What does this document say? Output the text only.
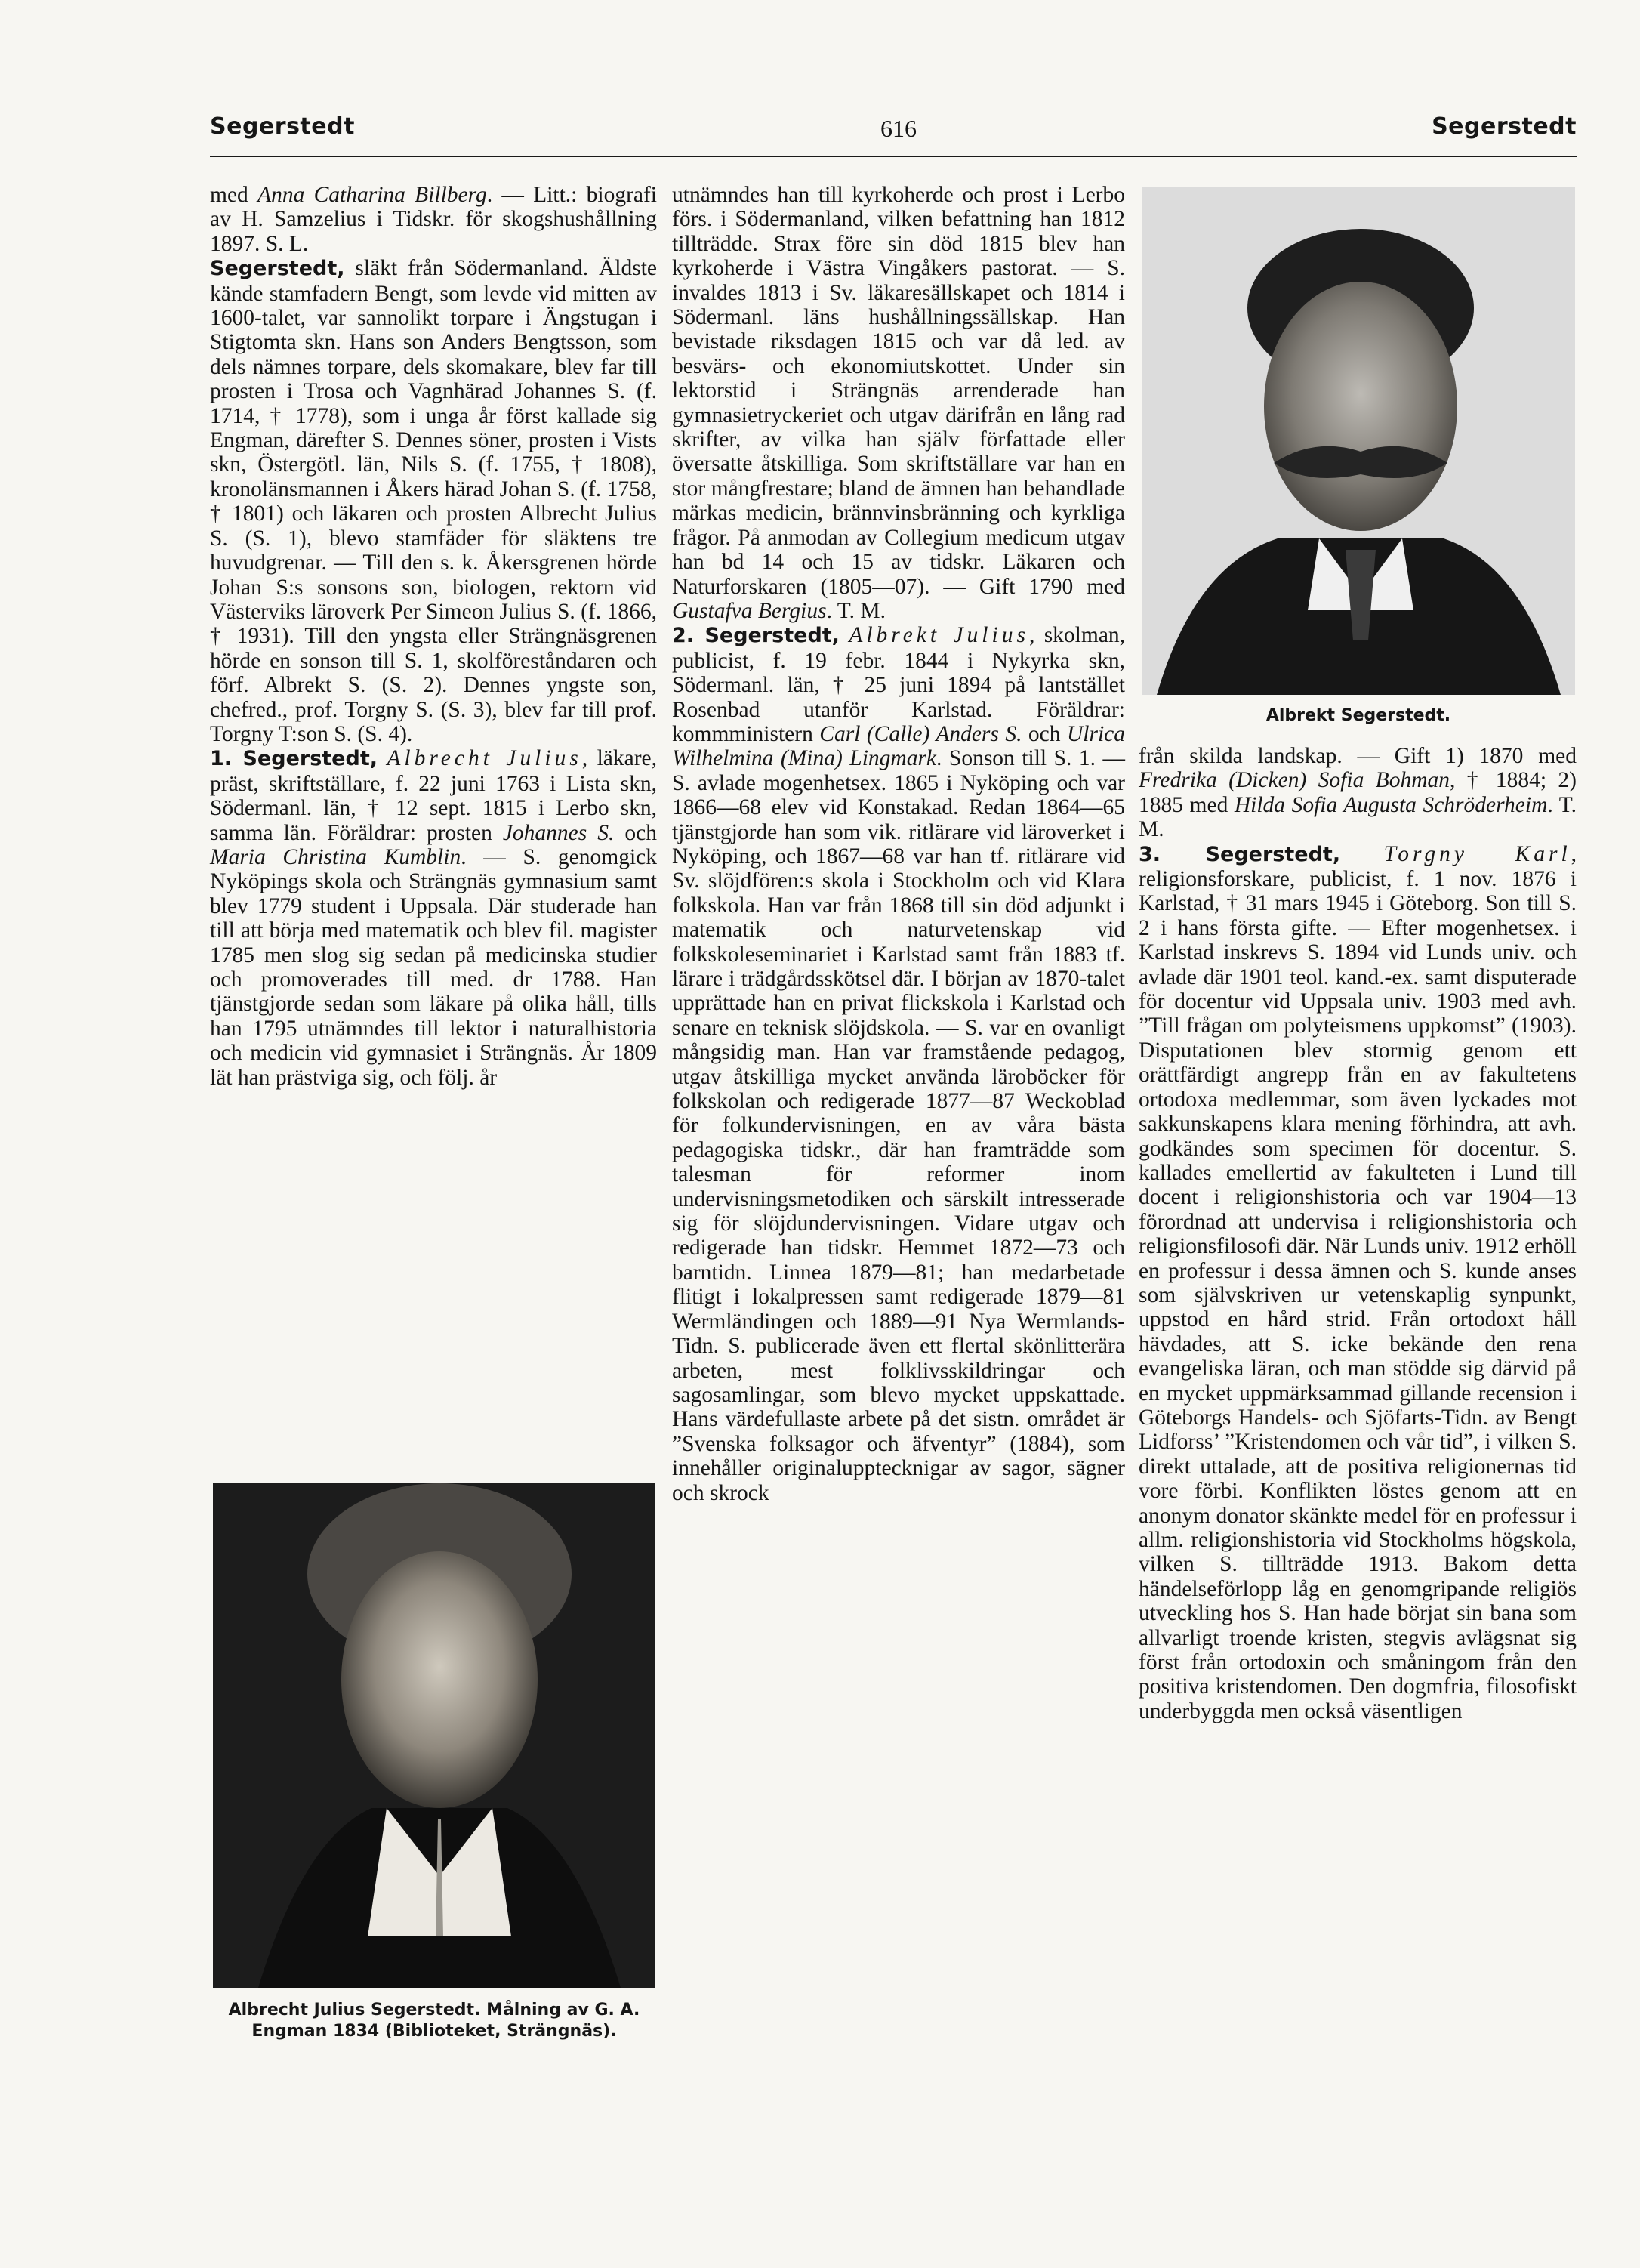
Segerstedt	616	Segerstedt

med Anna Catharina Billberg. — Litt.: biografi av H. Samzelius i Tidskr. för skogshushållning 1897. S. L.

Segerstedt, släkt från Södermanland. Äldste kände stamfadern Bengt, som levde vid mitten av 1600-talet, var sannolikt torpare i Ängstugan i Stigtomta skn. Hans son Anders Bengtsson, som dels nämnes torpare, dels skomakare, blev far till prosten i Trosa och Vagnhärad Johannes S. (f. 1714, † 1778), som i unga år först kallade sig Engman, därefter S. Dennes söner, prosten i Vists skn, Östergötl. län, Nils S. (f. 1755, † 1808), kronolänsmannen i Åkers härad Johan S. (f. 1758, † 1801) och läkaren och prosten Albrecht Julius S. (S. 1), blevo stamfäder för släktens tre huvudgrenar. — Till den s. k. Åkersgrenen hörde Johan S:s sonsons son, biologen, rektorn vid Västerviks läroverk Per Simeon Julius S. (f. 1866, † 1931). Till den yngsta eller Strängnäsgrenen hörde en sonson till S. 1, skolföreståndaren och förf. Albrekt S. (S. 2). Dennes yngste son, chefred., prof. Torgny S. (S. 3), blev far till prof. Torgny T:son S. (S. 4).

1. Segerstedt, Albrecht Julius, läkare, präst, skriftställare, f. 22 juni 1763 i Lista skn, Södermanl. län, † 12 sept. 1815 i Lerbo skn, samma län. Föräldrar: prosten Johannes S. och Maria Christina Kumblin. — S. genomgick Nyköpings skola och Strängnäs gymnasium samt blev 1779 student i Uppsala. Där studerade han till att börja med matematik och blev fil. magister 1785 men slog sig sedan på medicinska studier och promoverades till med. dr 1788. Han tjänstgjorde sedan som läkare på olika håll, tills han 1795 utnämndes till lektor i naturalhistoria och medicin vid gymnasiet i Strängnäs. År 1809 lät han prästviga sig, och följ. år

Albrecht Julius Segerstedt. Målning av G. A. Engman 1834 (Biblioteket, Strängnäs).

utnämndes han till kyrkoherde och prost i Lerbo förs. i Södermanland, vilken befattning han 1812 tillträdde. Strax före sin död 1815 blev han kyrkoherde i Västra Vingåkers pastorat. — S. invaldes 1813 i Sv. läkaresällskapet och 1814 i Södermanl. läns hushållningssällskap. Han bevistade riksdagen 1815 och var då led. av besvärs- och ekonomiutskottet. Under sin lektorstid i Strängnäs arrenderade han gymnasietryckeriet och utgav därifrån en lång rad skrifter, av vilka han själv författade eller översatte åtskilliga. Som skriftställare var han en stor mångfrestare; bland de ämnen han behandlade märkas medicin, brännvinsbränning och kyrkliga frågor. På anmodan av Collegium medicum utgav han bd 14 och 15 av tidskr. Läkaren och Naturforskaren (1805—07). — Gift 1790 med Gustafva Bergius. T. M.

2. Segerstedt, Albrekt Julius, skolman, publicist, f. 19 febr. 1844 i Nykyrka skn, Södermanl. län, † 25 juni 1894 på lantstället Rosenbad utanför Karlstad. Föräldrar: kommministern Carl (Calle) Anders S. och Ulrica Wilhelmina (Mina) Lingmark. Sonson till S. 1. — S. avlade mogenhetsex. 1865 i Nyköping och var 1866—68 elev vid Konstakad. Redan 1864—65 tjänstgjorde han som vik. ritlärare vid läroverket i Nyköping, och 1867—68 var han tf. ritlärare vid Sv. slöjdfören:s skola i Stockholm och vid Klara folkskola. Han var från 1868 till sin död adjunkt i matematik och naturvetenskap vid folkskoleseminariet i Karlstad samt från 1883 tf. lärare i trädgårdsskötsel där. I början av 1870-talet upprättade han en privat flickskola i Karlstad och senare en teknisk slöjdskola. — S. var en ovanligt mångsidig man. Han var framstående pedagog, utgav åtskilliga mycket använda läroböcker för folkskolan och redigerade 1877—87 Weckoblad för folkundervisningen, en av våra bästa pedagogiska tidskr., där han framträdde som talesman för reformer inom undervisningsmetodiken och särskilt intresserade sig för slöjdundervisningen. Vidare utgav och redigerade han tidskr. Hemmet 1872—73 och barntidn. Linnea 1879—81; han medarbetade flitigt i lokalpressen samt redigerade 1879—81 Wermländingen och 1889—91 Nya Wermlands-Tidn. S. publicerade även ett flertal skönlitterära arbeten, mest folklivsskildringar och sagosamlingar, som blevo mycket uppskattade. Hans värdefullaste arbete på det sistn. området är ”Svenska folksagor och äfventyr” (1884), som innehåller originalupptecknigar av sagor, sägner och skrock

Albrekt Segerstedt.

från skilda landskap. — Gift 1) 1870 med Fredrika (Dicken) Sofia Bohman, † 1884; 2) 1885 med Hilda Sofia Augusta Schröderheim. T. M.

3. Segerstedt, Torgny Karl, religionsforskare, publicist, f. 1 nov. 1876 i Karlstad, † 31 mars 1945 i Göteborg. Son till S. 2 i hans första gifte. — Efter mogenhetsex. i Karlstad inskrevs S. 1894 vid Lunds univ. och avlade där 1901 teol. kand.-ex. samt disputerade för docentur vid Uppsala univ. 1903 med avh. ”Till frågan om polyteismens uppkomst” (1903). Disputationen blev stormig genom ett orättfärdigt angrepp från en av fakultetens ortodoxa medlemmar, som även lyckades mot sakkunskapens klara mening förhindra, att avh. godkändes som specimen för docentur. S. kallades emellertid av fakulteten i Lund till docent i religionshistoria och var 1904—13 förordnad att undervisa i religionshistoria och religionsfilosofi där. När Lunds univ. 1912 erhöll en professur i dessa ämnen och S. kunde anses som självskriven ur vetenskaplig synpunkt, uppstod en hård strid. Från ortodoxt håll hävdades, att S. icke bekände den rena evangeliska läran, och man stödde sig därvid på en mycket uppmärksammad gillande recension i Göteborgs Handels- och Sjöfarts-Tidn. av Bengt Lidforss’ ”Kristendomen och vår tid”, i vilken S. direkt uttalade, att de positiva religionernas tid vore förbi. Konflikten löstes genom att en anonym donator skänkte medel för en professur i allm. religionshistoria vid Stockholms högskola, vilken S. tillträdde 1913. Bakom detta händelseförlopp låg en genomgripande religiös utveckling hos S. Han hade börjat sin bana som allvarligt troende kristen, stegvis avlägsnat sig först från ortodoxin och småningom från den positiva kristendomen. Den dogmfria, filosofiskt underbyggda men också väsentligen
